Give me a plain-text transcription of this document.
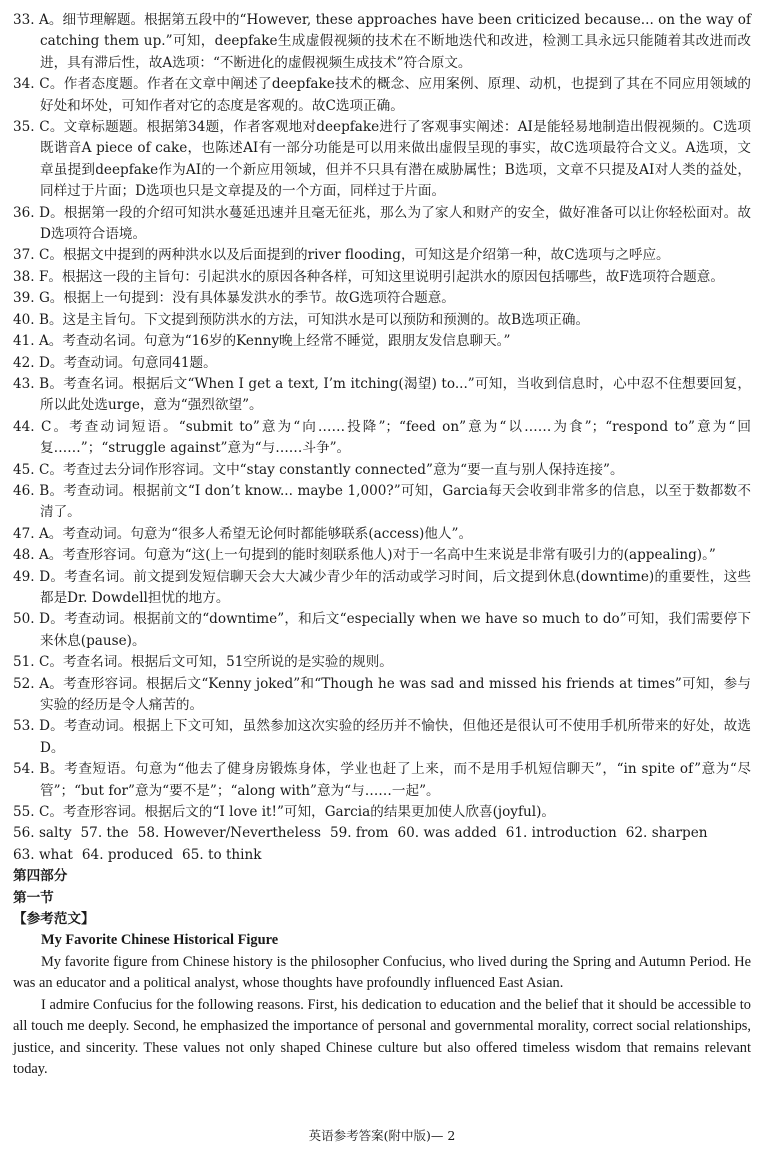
33. A。细节理解题。根据第五段中的“However, these approaches have been criticized because... on the way of catching them up.”可知，deepfake生成虚假视频的技术在不断地迭代和改进，检测工具永远只能随着其改进而改进，具有滞后性，故A选项：“不断进化的虚假视频生成技术”符合原文。

34. C。作者态度题。作者在文章中阐述了deepfake技术的概念、应用案例、原理、动机，也提到了其在不同应用领域的好处和坏处，可知作者对它的态度是客观的。故C选项正确。

35. C。文章标题题。根据第34题，作者客观地对deepfake进行了客观事实阐述：AI是能轻易地制造出假视频的。C选项既谐音A piece of cake，也陈述AI有一部分功能是可以用来做出虚假呈现的事实，故C选项最符合文义。A选项，文章虽提到deepfake作为AI的一个新应用领域，但并不只具有潜在威胁属性；B选项，文章不只提及AI对人类的益处，同样过于片面；D选项也只是文章提及的一个方面，同样过于片面。

36. D。根据第一段的介绍可知洪水蔓延迅速并且毫无征兆，那么为了家人和财产的安全，做好准备可以让你轻松面对。故D选项符合语境。

37. C。根据文中提到的两种洪水以及后面提到的river flooding，可知这是介绍第一种，故C选项与之呼应。

38. F。根据这一段的主旨句：引起洪水的原因各种各样，可知这里说明引起洪水的原因包括哪些，故F选项符合题意。

39. G。根据上一句提到：没有具体暴发洪水的季节。故G选项符合题意。

40. B。这是主旨句。下文提到预防洪水的方法，可知洪水是可以预防和预测的。故B选项正确。

41. A。考查动名词。句意为“16岁的Kenny晚上经常不睡觉，跟朋友发信息聊天。”

42. D。考查动词。句意同41题。

43. B。考查名词。根据后文“When I get a text, I’m itching(渴望) to...”可知，当收到信息时，心中忍不住想要回复，所以此处选urge，意为“强烈欲望”。

44. C。考查动词短语。“submit to”意为“向……投降”；“feed on”意为“以……为食”；“respond to”意为“回复……”；“struggle against”意为“与……斗争”。

45. C。考查过去分词作形容词。文中“stay constantly connected”意为“要一直与别人保持连接”。

46. B。考查动词。根据前文“I don’t know... maybe 1,000?”可知，Garcia每天会收到非常多的信息，以至于数都数不清了。

47. A。考查动词。句意为“很多人希望无论何时都能够联系(access)他人”。

48. A。考查形容词。句意为“这(上一句提到的能时刻联系他人)对于一名高中生来说是非常有吸引力的(appealing)。”

49. D。考查名词。前文提到发短信聊天会大大减少青少年的活动或学习时间，后文提到休息(downtime)的重要性，这些都是Dr. Dowdell担忧的地方。

50. D。考查动词。根据前文的“downtime”，和后文“especially when we have so much to do”可知，我们需要停下来休息(pause)。

51. C。考查名词。根据后文可知，51空所说的是实验的规则。

52. A。考查形容词。根据后文“Kenny joked”和“Though he was sad and missed his friends at times”可知，参与实验的经历是令人痛苦的。

53. D。考查动词。根据上下文可知，虽然参加这次实验的经历并不愉快，但他还是很认可不使用手机所带来的好处，故选D。

54. B。考查短语。句意为“他去了健身房锻炼身体，学业也赶了上来，而不是用手机短信聊天”，“in spite of”意为“尽管”；“but for”意为“要不是”；“along with”意为“与……一起”。

55. C。考查形容词。根据后文的“I love it!”可知，Garcia的结果更加使人欣喜(joyful)。

56. salty 57. the 58. However/Nevertheless 59. from 60. was added 61. introduction 62. sharpen

63. what 64. produced 65. to think

第四部分

第一节

【参考范文】

My Favorite Chinese Historical Figure

My favorite figure from Chinese history is the philosopher Confucius, who lived during the Spring and Autumn Period. He was an educator and a political analyst, whose thoughts have profoundly influenced East Asian.

I admire Confucius for the following reasons. First, his dedication to education and the belief that it should be accessible to all touch me deeply. Second, he emphasized the importance of personal and governmental morality, correct social relationships, justice, and sincerity. These values not only shaped Chinese culture but also offered timeless wisdom that remains relevant today.

英语参考答案(附中版)— 2
